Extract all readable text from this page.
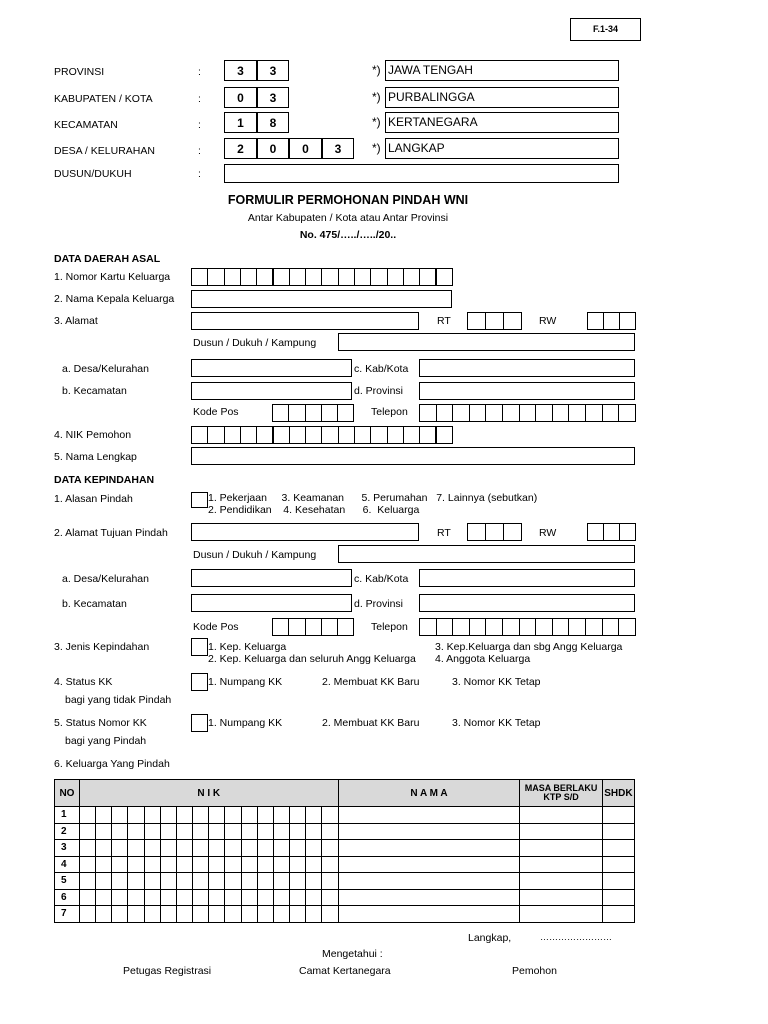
F.1-34
PROVINSI	:	3	3	*) JAWA TENGAH
KABUPATEN / KOTA	:	0	3	*) PURBALINGGA
KECAMATAN	:	1	8	*) KERTANEGARA
DESA / KELURAHAN	:	2	0	0	3	*) LANGKAP
DUSUN/DUKUH	:
FORMULIR PERMOHONAN PINDAH WNI
Antar Kabupaten / Kota atau Antar Provinsi
No. 475/…../…../20..
DATA DAERAH ASAL
1. Nomor Kartu Keluarga
2. Nama Kepala Keluarga
3. Alamat	RT	RW
Dusun / Dukuh / Kampung
a. Desa/Kelurahan	c. Kab/Kota
b. Kecamatan	d. Provinsi
Kode Pos	Telepon
4. NIK Pemohon
5. Nama Lengkap
DATA KEPINDAHAN
1. Alasan Pindah	1. Pekerjaan     3. Keamanan      5. Perumahan   7. Lainnya (sebutkan)
2. Pendidikan    4. Kesehatan      6.  Keluarga
2. Alamat Tujuan Pindah	RT	RW
Dusun / Dukuh / Kampung
a. Desa/Kelurahan	c. Kab/Kota
b. Kecamatan	d. Provinsi
Kode Pos	Telepon
3. Jenis Kepindahan	1. Kep. Keluarga
2. Kep. Keluarga dan seluruh Angg Keluarga
3. Kep.Keluarga dan sbg Angg Keluarga
4. Anggota Keluarga
4. Status KK
bagi yang tidak Pindah
1. Numpang KK	2. Membuat KK Baru	3. Nomor KK Tetap
5. Status Nomor KK
bagi yang Pindah
1. Numpang KK	2. Membuat KK Baru	3. Nomor KK Tetap
6. Keluarga Yang Pindah
NO	N I K																N A M A	MASA BERLAKU KTP S/D	SHDK
1																			
2																			
3																			
4																			
5																			
6																			
7																			
Langkap,	……………………
Mengetahui :
Petugas Registrasi	Camat Kertanegara	Pemohon
